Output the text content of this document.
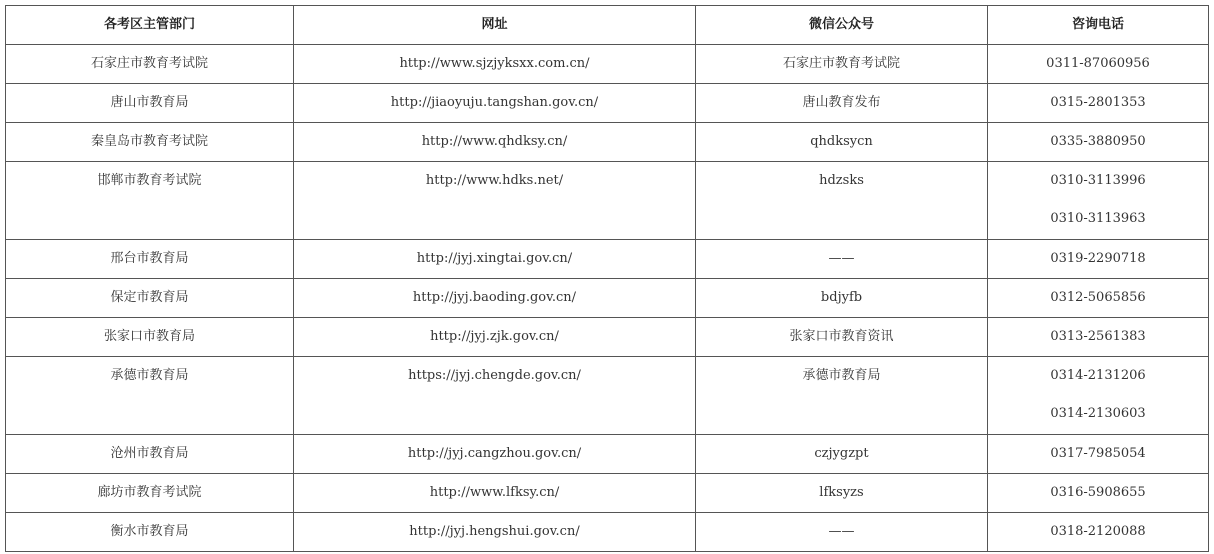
各考区主管部门	网址	微信公众号	咨询电话

石家庄市教育考试院	http://www.sjzjyksxx.com.cn/	石家庄市教育考试院	0311-87060956

唐山市教育局	http://jiaoyuju.tangshan.gov.cn/	唐山教育发布	0315-2801353

秦皇岛市教育考试院	http://www.qhdksy.cn/	qhdksycn	0335-3880950

邯郸市教育考试院	http://www.hdks.net/	hdzsks	0310-3113996
0310-3113963

邢台市教育局	http://jyj.xingtai.gov.cn/	——	0319-2290718

保定市教育局	http://jyj.baoding.gov.cn/	bdjyfb	0312-5065856

张家口市教育局	http://jyj.zjk.gov.cn/	张家口市教育资讯	0313-2561383

承德市教育局	https://jyj.chengde.gov.cn/	承德市教育局	0314-2131206
0314-2130603

沧州市教育局	http://jyj.cangzhou.gov.cn/	czjygzpt	0317-7985054

廊坊市教育考试院	http://www.lfksy.cn/	lfksyzs	0316-5908655

衡水市教育局	http://jyj.hengshui.gov.cn/	——	0318-2120088
